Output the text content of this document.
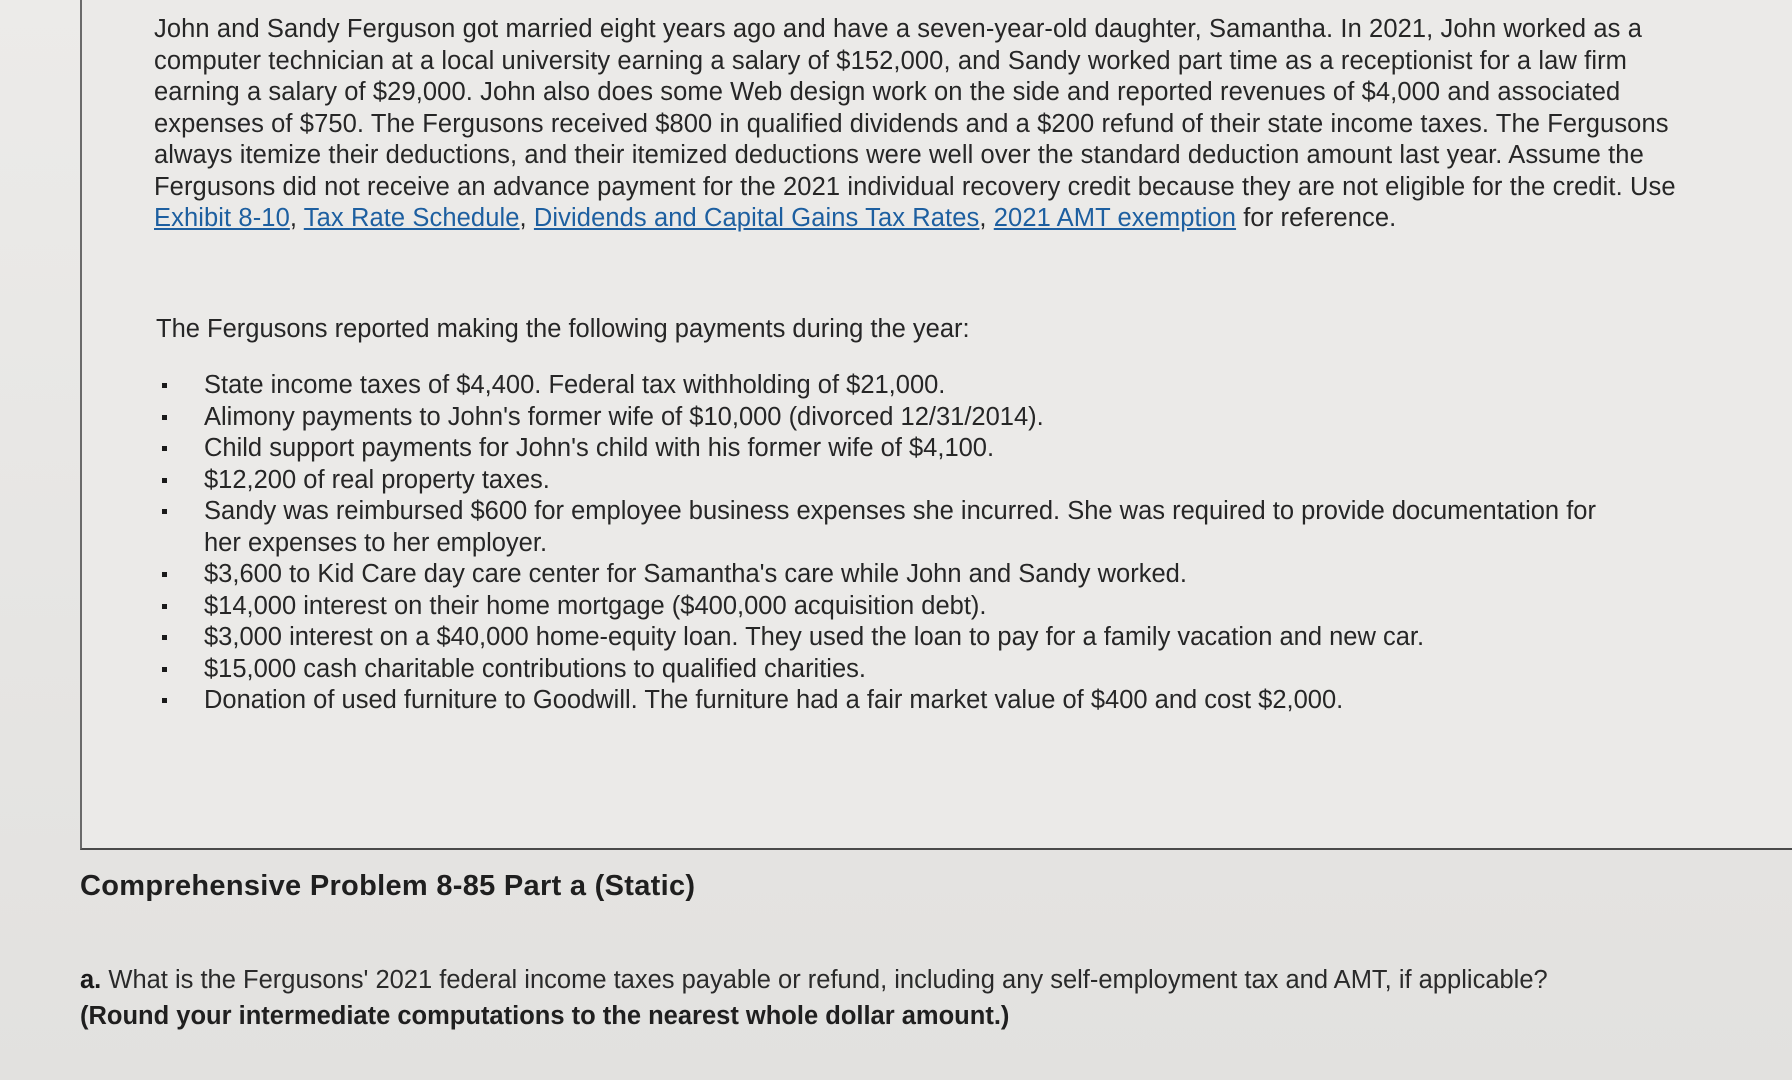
John and Sandy Ferguson got married eight years ago and have a seven-year-old daughter, Samantha. In 2021, John worked as a computer technician at a local university earning a salary of $152,000, and Sandy worked part time as a receptionist for a law firm earning a salary of $29,000. John also does some Web design work on the side and reported revenues of $4,000 and associated expenses of $750. The Fergusons received $800 in qualified dividends and a $200 refund of their state income taxes. The Fergusons always itemize their deductions, and their itemized deductions were well over the standard deduction amount last year. Assume the Fergusons did not receive an advance payment for the 2021 individual recovery credit because they are not eligible for the credit. Use Exhibit 8-10, Tax Rate Schedule, Dividends and Capital Gains Tax Rates, 2021 AMT exemption for reference.

The Fergusons reported making the following payments during the year:

State income taxes of $4,400. Federal tax withholding of $21,000.
Alimony payments to John's former wife of $10,000 (divorced 12/31/2014).
Child support payments for John's child with his former wife of $4,100.
$12,200 of real property taxes.
Sandy was reimbursed $600 for employee business expenses she incurred. She was required to provide documentation for her expenses to her employer.
$3,600 to Kid Care day care center for Samantha's care while John and Sandy worked.
$14,000 interest on their home mortgage ($400,000 acquisition debt).
$3,000 interest on a $40,000 home-equity loan. They used the loan to pay for a family vacation and new car.
$15,000 cash charitable contributions to qualified charities.
Donation of used furniture to Goodwill. The furniture had a fair market value of $400 and cost $2,000.
Comprehensive Problem 8-85 Part a (Static)

a. What is the Fergusons' 2021 federal income taxes payable or refund, including any self-employment tax and AMT, if applicable?
(Round your intermediate computations to the nearest whole dollar amount.)
